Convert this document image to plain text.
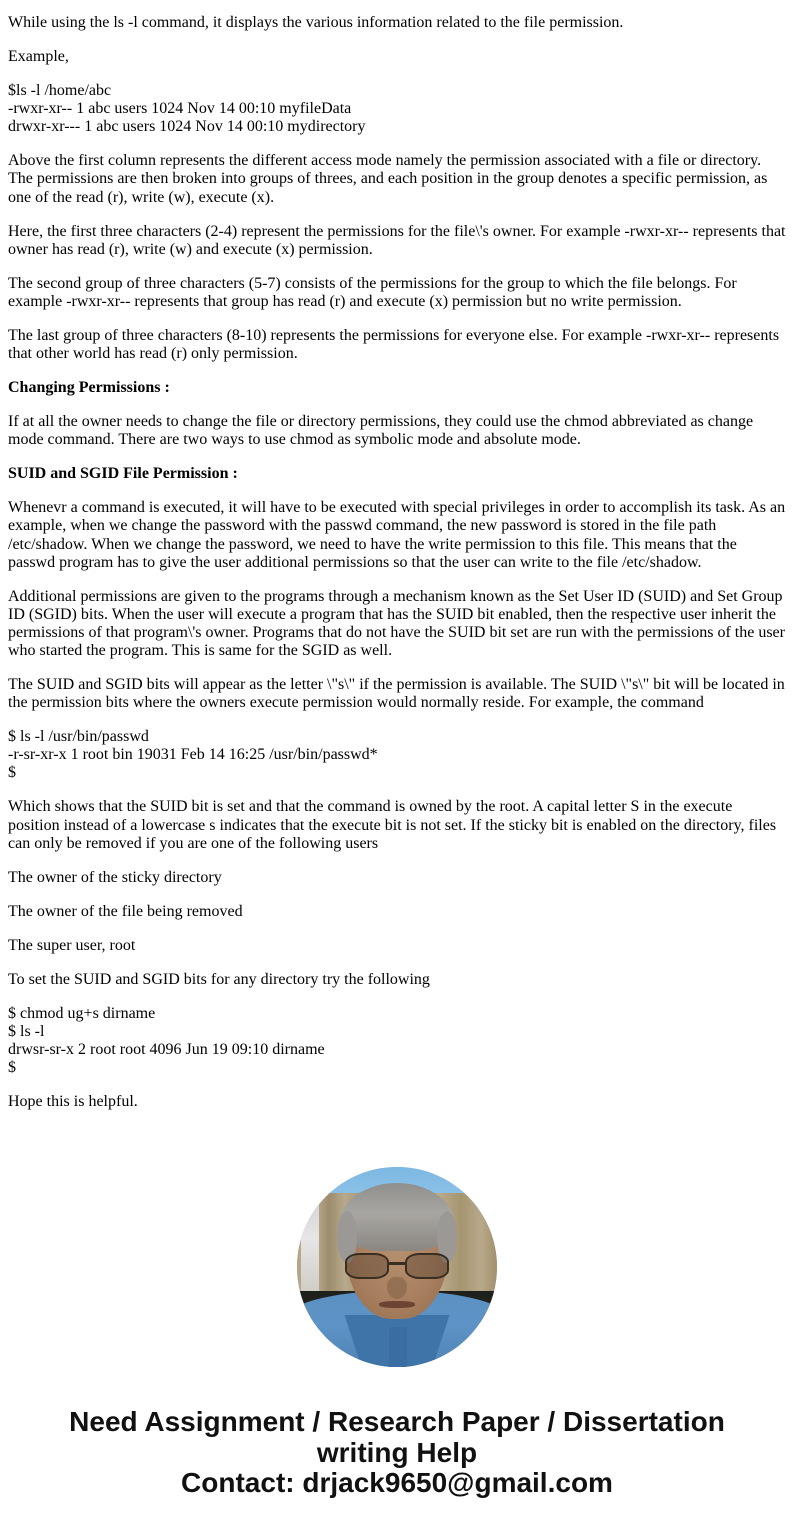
While using the ls -l command, it displays the various information related to the file permission.

Example,

$ls -l /home/abc
-rwxr-xr-- 1 abc users 1024 Nov 14 00:10 myfileData
drwxr-xr--- 1 abc users 1024 Nov 14 00:10 mydirectory

Above the first column represents the different access mode namely the permission associated with a file or directory. The permissions are then broken into groups of threes, and each position in the group denotes a specific permission, as one of the read (r), write (w), execute (x).

Here, the first three characters (2-4) represent the permissions for the file\'s owner. For example -rwxr-xr-- represents that owner has read (r), write (w) and execute (x) permission.

The second group of three characters (5-7) consists of the permissions for the group to which the file belongs. For example -rwxr-xr-- represents that group has read (r) and execute (x) permission but no write permission.

The last group of three characters (8-10) represents the permissions for everyone else. For example -rwxr-xr-- represents that other world has read (r) only permission.

Changing Permissions :

If at all the owner needs to change the file or directory permissions, they could use the chmod abbreviated as change mode command. There are two ways to use chmod as symbolic mode and absolute mode.

SUID and SGID File Permission :

Whenevr a command is executed, it will have to be executed with special privileges in order to accomplish its task. As an example, when we change the password with the passwd command, the new password is stored in the file path /etc/shadow. When we change the password, we need to have the write permission to this file. This means that the passwd program has to give the user additional permissions so that the user can write to the file /etc/shadow.

Additional permissions are given to the programs through a mechanism known as the Set User ID (SUID) and Set Group ID (SGID) bits. When the user will execute a program that has the SUID bit enabled, then the respective user inherit the permissions of that program\'s owner. Programs that do not have the SUID bit set are run with the permissions of the user who started the program. This is same for the SGID as well.

The SUID and SGID bits will appear as the letter \"s\" if the permission is available. The SUID \"s\" bit will be located in the permission bits where the owners execute permission would normally reside. For example, the command

$ ls -l /usr/bin/passwd
-r-sr-xr-x 1 root bin 19031 Feb 14 16:25 /usr/bin/passwd*
$

Which shows that the SUID bit is set and that the command is owned by the root. A capital letter S in the execute position instead of a lowercase s indicates that the execute bit is not set. If the sticky bit is enabled on the directory, files can only be removed if you are one of the following users

The owner of the sticky directory

The owner of the file being removed

The super user, root

To set the SUID and SGID bits for any directory try the following

$ chmod ug+s dirname
$ ls -l
drwsr-sr-x 2 root root 4096 Jun 19 09:10 dirname
$

Hope this is helpful.

Need Assignment / Research Paper / Dissertation
writing Help
Contact: drjack9650@gmail.com
